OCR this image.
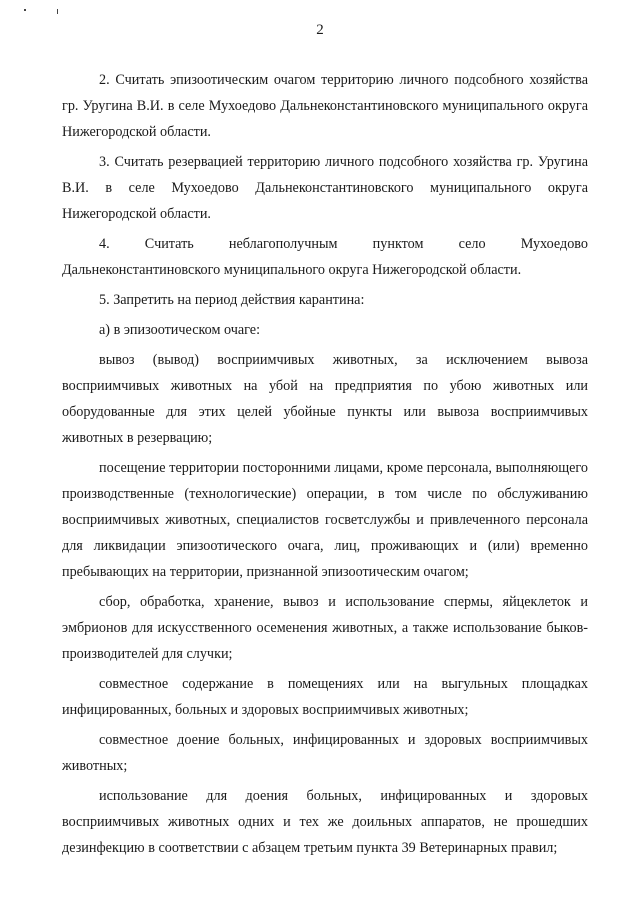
2

2. Считать эпизоотическим очагом территорию личного подсобного хозяйства гр. Уругина В.И. в селе Мухоедово Дальнеконстантиновского муниципального округа Нижегородской области.

3. Считать резервацией территорию личного подсобного хозяйства гр. Уругина В.И. в селе Мухоедово Дальнеконстантиновского муниципального округа Нижегородской области.

4. Считать неблагополучным пунктом село Мухоедово Дальнеконстантиновского муниципального округа Нижегородской области.

5. Запретить на период действия карантина:

а) в эпизоотическом очаге:

вывоз (вывод) восприимчивых животных, за исключением вывоза восприимчивых животных на убой на предприятия по убою животных или оборудованные для этих целей убойные пункты или вывоза восприимчивых животных в резервацию;

посещение территории посторонними лицами, кроме персонала, выполняющего производственные (технологические) операции, в том числе по обслуживанию восприимчивых животных, специалистов госветслужбы и привлеченного персонала для ликвидации эпизоотического очага, лиц, проживающих и (или) временно пребывающих на территории, признанной эпизоотическим очагом;

сбор, обработка, хранение, вывоз и использование спермы, яйцеклеток и эмбрионов для искусственного осеменения животных, а также использование быков-производителей для случки;

совместное содержание в помещениях или на выгульных площадках инфицированных, больных и здоровых восприимчивых животных;

совместное доение больных, инфицированных и здоровых восприимчивых животных;

использование для доения больных, инфицированных и здоровых восприимчивых животных одних и тех же доильных аппаратов, не прошедших дезинфекцию в соответствии с абзацем третьим пункта 39 Ветеринарных правил;
